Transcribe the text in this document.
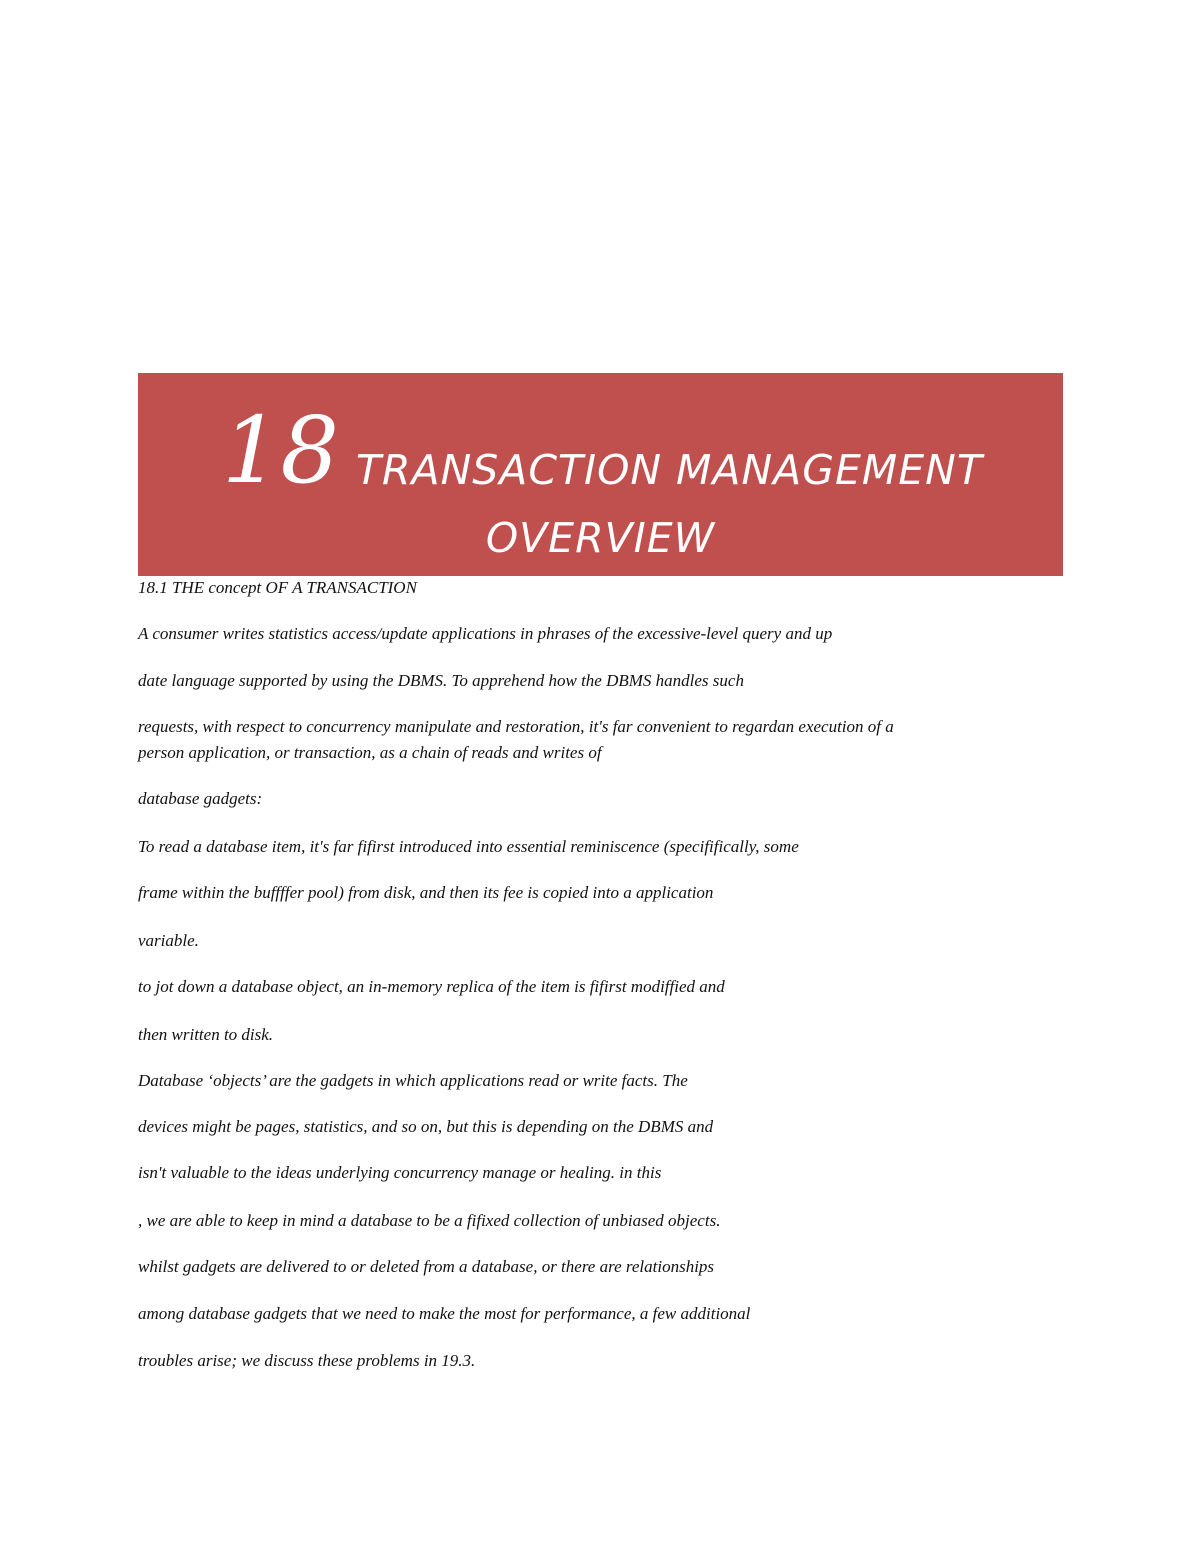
18 TRANSACTION MANAGEMENT
OVERVIEW
18.1 THE concept OF A TRANSACTION
A consumer writes statistics access/update applications in phrases of the excessive-level query and up
date language supported by using the DBMS. To apprehend how the DBMS handles such
requests, with respect to concurrency manipulate and restoration, it's far convenient to regardan execution of a
person application, or transaction, as a chain of reads and writes of
database gadgets:
To read a database item, it's far fifirst introduced into essential reminiscence (specififically, some
frame within the buffffer pool) from disk, and then its fee is copied into a application
variable.
to jot down a database object, an in-memory replica of the item is fifirst modiffied and
then written to disk.
Database ‘objects’ are the gadgets in which applications read or write facts. The
devices might be pages, statistics, and so on, but this is depending on the DBMS and
isn't valuable to the ideas underlying concurrency manage or healing. in this
, we are able to keep in mind a database to be a fifixed collection of unbiased objects.
whilst gadgets are delivered to or deleted from a database, or there are relationships
among database gadgets that we need to make the most for performance, a few additional
troubles arise; we discuss these problems in 19.3.
